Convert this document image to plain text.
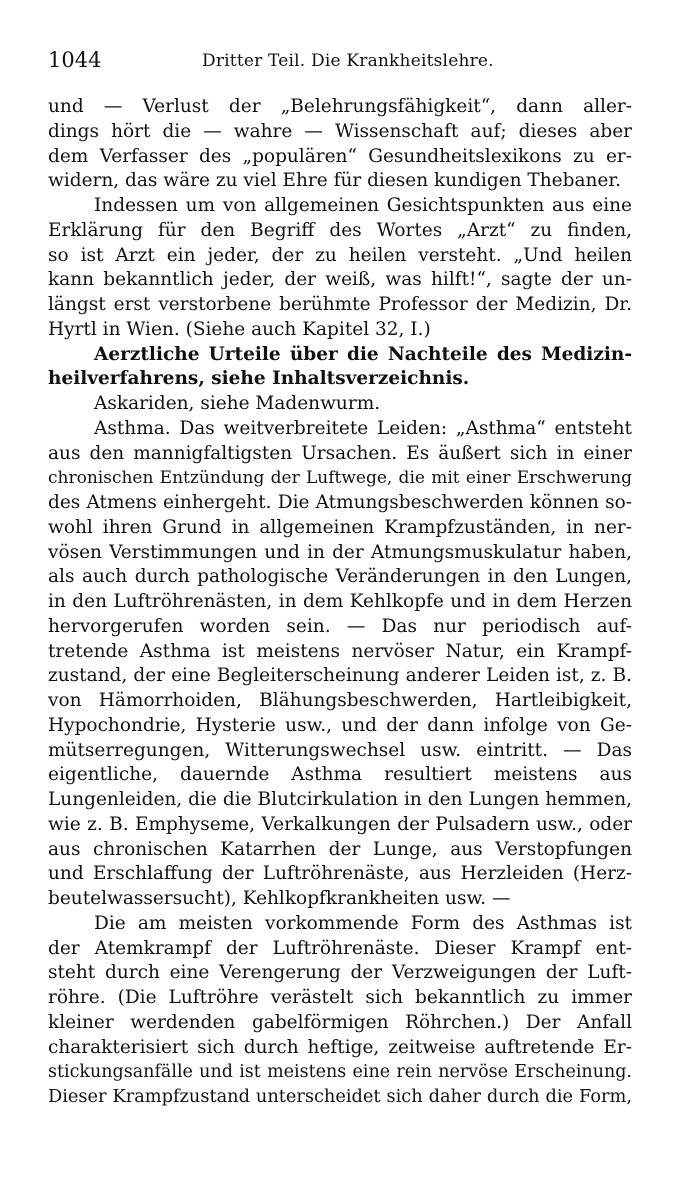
1044	Dritter Teil. Die Krankheitslehre.
und — Verlust der „Belehrungsfähigkeit“, dann aller-
dings hört die — wahre — Wissenschaft auf; dieses aber
dem Verfasser des „populären“ Gesundheitslexikons zu er-
widern, das wäre zu viel Ehre für diesen kundigen Thebaner.
Indessen um von allgemeinen Gesichtspunkten aus eine
Erklärung für den Begriff des Wortes „Arzt“ zu finden,
so ist Arzt ein jeder, der zu heilen versteht. „Und heilen
kann bekanntlich jeder, der weiß, was hilft!“, sagte der un-
längst erst verstorbene berühmte Professor der Medizin, Dr.
Hyrtl in Wien. (Siehe auch Kapitel 32, I.)
Aerztliche Urteile über die Nachteile des Medizin-
heilverfahrens, siehe Inhaltsverzeichnis.
Askariden, siehe Madenwurm.
Asthma. Das weitverbreitete Leiden: „Asthma“ entsteht
aus den mannigfaltigsten Ursachen. Es äußert sich in einer
chronischen Entzündung der Luftwege, die mit einer Erschwerung
des Atmens einhergeht. Die Atmungsbeschwerden können so-
wohl ihren Grund in allgemeinen Krampfzuständen, in ner-
vösen Verstimmungen und in der Atmungsmuskulatur haben,
als auch durch pathologische Veränderungen in den Lungen,
in den Luftröhrenästen, in dem Kehlkopfe und in dem Herzen
hervorgerufen worden sein. — Das nur periodisch auf-
tretende Asthma ist meistens nervöser Natur, ein Krampf-
zustand, der eine Begleiterscheinung anderer Leiden ist, z. B.
von Hämorrhoiden, Blähungsbeschwerden, Hartleibigkeit,
Hypochondrie, Hysterie usw., und der dann infolge von Ge-
mütserregungen, Witterungswechsel usw. eintritt. — Das
eigentliche, dauernde Asthma resultiert meistens aus
Lungenleiden, die die Blutcirkulation in den Lungen hemmen,
wie z. B. Emphyseme, Verkalkungen der Pulsadern usw., oder
aus chronischen Katarrhen der Lunge, aus Verstopfungen
und Erschlaffung der Luftröhrenäste, aus Herzleiden (Herz-
beutelwassersucht), Kehlkopfkrankheiten usw. —
Die am meisten vorkommende Form des Asthmas ist
der Atemkrampf der Luftröhrenäste. Dieser Krampf ent-
steht durch eine Verengerung der Verzweigungen der Luft-
röhre. (Die Luftröhre verästelt sich bekanntlich zu immer
kleiner werdenden gabelförmigen Röhrchen.) Der Anfall
charakterisiert sich durch heftige, zeitweise auftretende Er-
stickungsanfälle und ist meistens eine rein nervöse Erscheinung.
Dieser Krampfzustand unterscheidet sich daher durch die Form,
